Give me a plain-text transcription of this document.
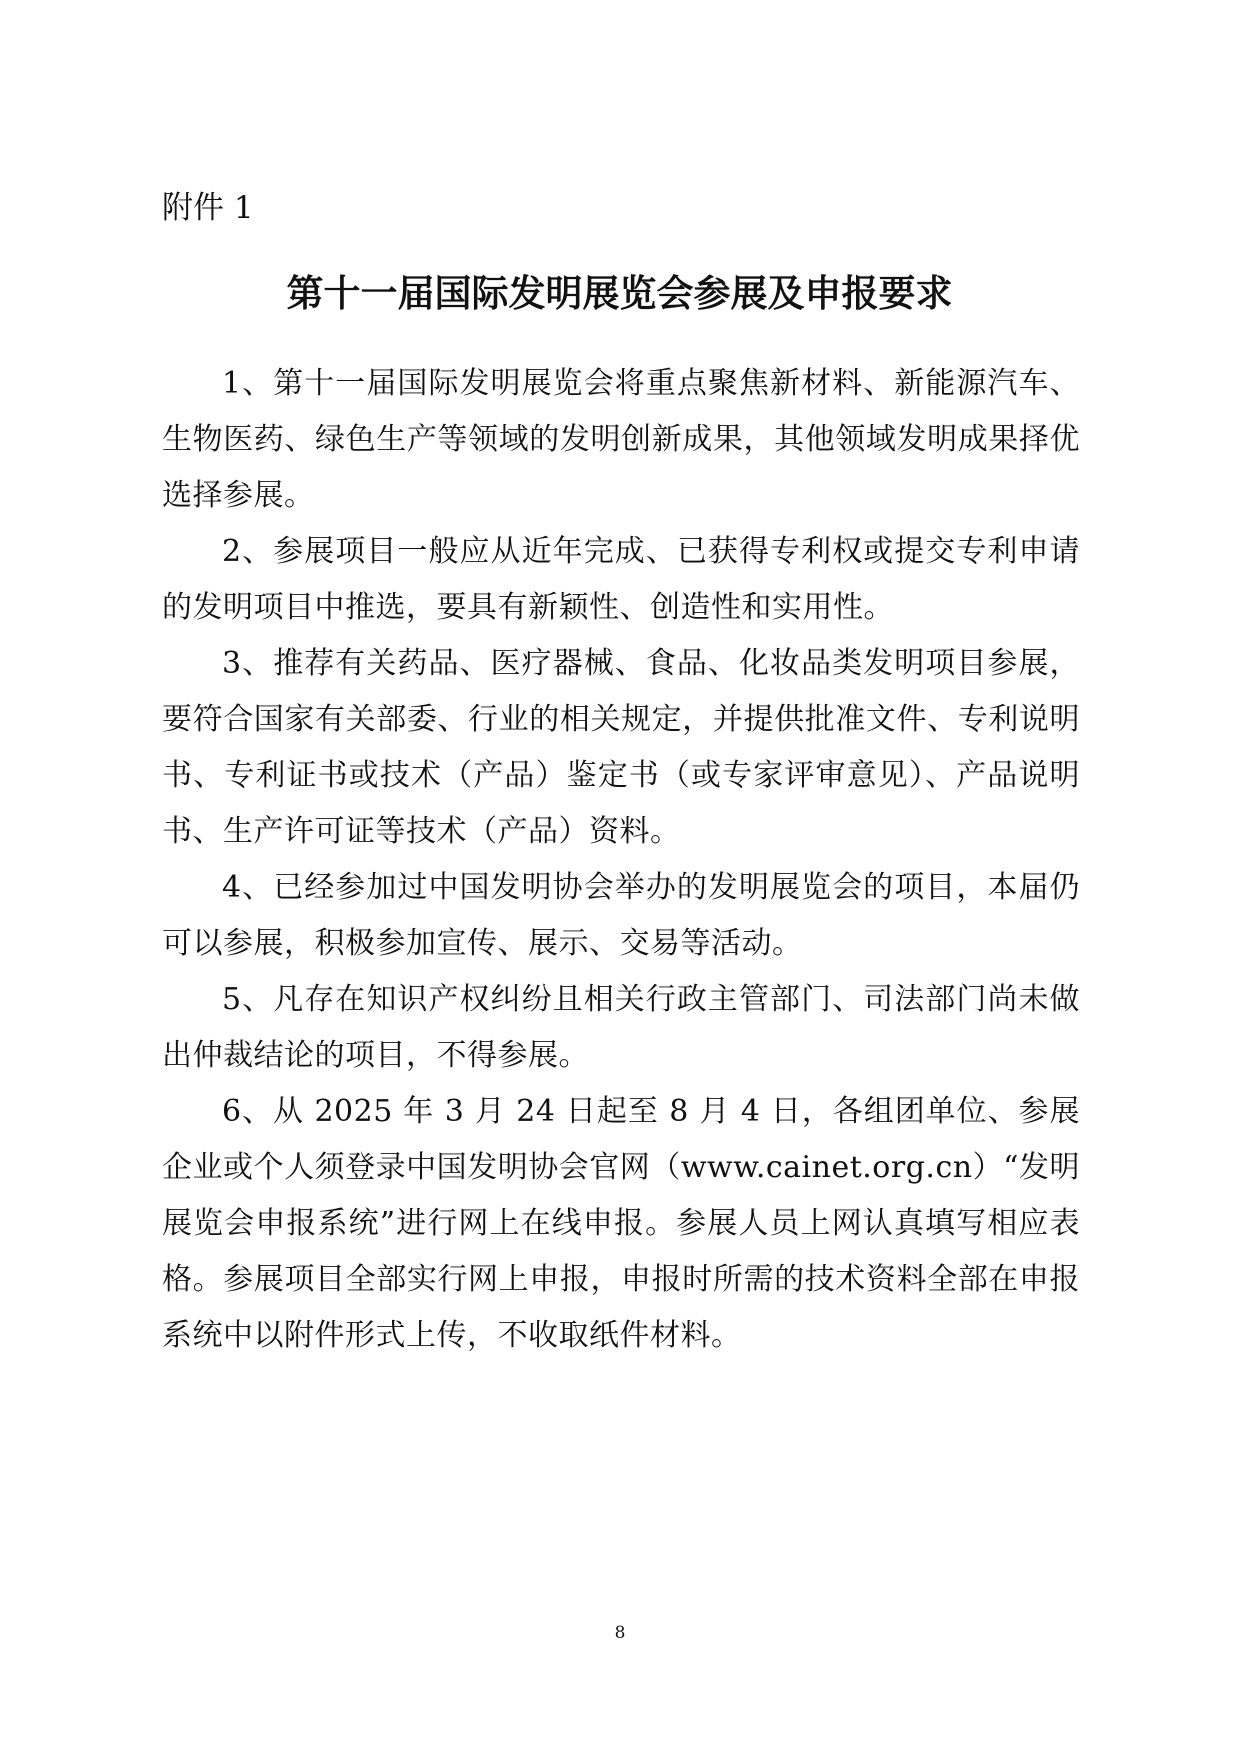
附件 1
第十一届国际发明展览会参展及申报要求

1、第十一届国际发明展览会将重点聚焦新材料、新能源汽车、生物医药、绿色生产等领域的发明创新成果，其他领域发明成果择优选择参展。

2、参展项目一般应从近年完成、已获得专利权或提交专利申请的发明项目中推选，要具有新颖性、创造性和实用性。

3、推荐有关药品、医疗器械、食品、化妆品类发明项目参展，要符合国家有关部委、行业的相关规定，并提供批准文件、专利说明书、专利证书或技术（产品）鉴定书（或专家评审意见）、产品说明书、生产许可证等技术（产品）资料。

4、已经参加过中国发明协会举办的发明展览会的项目，本届仍可以参展，积极参加宣传、展示、交易等活动。

5、凡存在知识产权纠纷且相关行政主管部门、司法部门尚未做出仲裁结论的项目，不得参展。

6、从 2025 年 3 月 24 日起至 8 月 4 日，各组团单位、参展企业或个人须登录中国发明协会官网（www.cainet.org.cn）“发明展览会申报系统”进行网上在线申报。参展人员上网认真填写相应表格。参展项目全部实行网上申报，申报时所需的技术资料全部在申报系统中以附件形式上传，不收取纸件材料。

8
